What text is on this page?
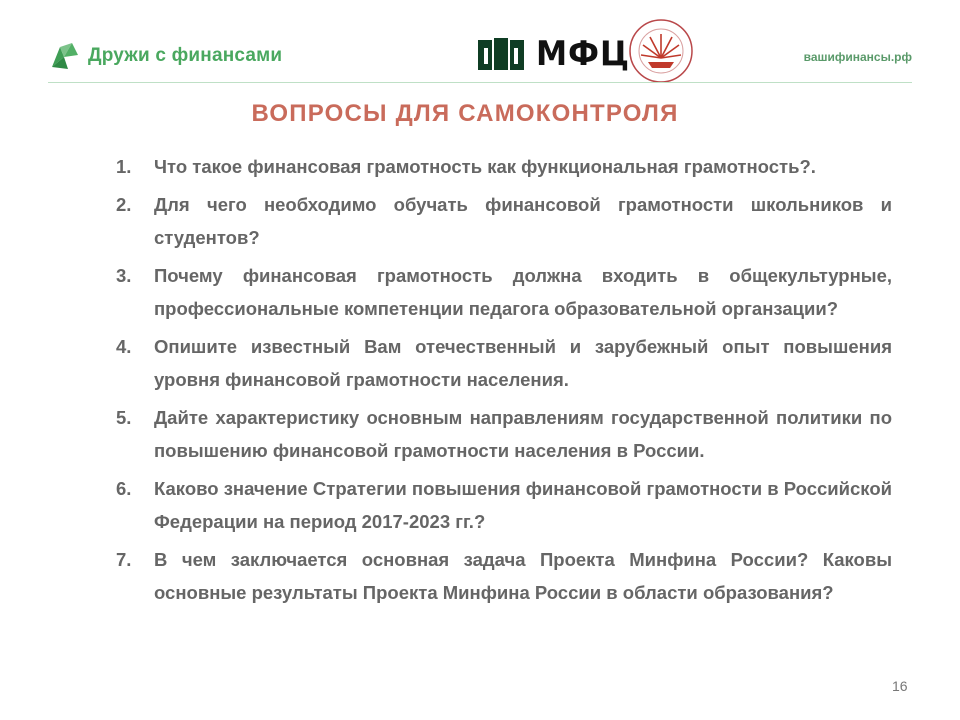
Дружи с финансами	МФЦ	вашифинансы.рф
ВОПРОСЫ ДЛЯ САМОКОНТРОЛЯ
1.	Что такое финансовая грамотность как функциональная грамотность?.
2.	Для чего необходимо обучать финансовой грамотности школьников и студентов?
3.	Почему финансовая грамотность должна входить в общекультурные, профессиональные компетенции педагога образовательной органзации?
4.	Опишите известный Вам отечественный и зарубежный опыт повышения уровня финансовой грамотности населения.
5.	Дайте характеристику основным направлениям государственной политики по повышению финансовой грамотности населения в России.
6.	Каково значение Стратегии повышения финансовой грамотности в Российской Федерации на период 2017-2023 гг.?
7.	В чем заключается основная задача Проекта Минфина России? Каковы основные результаты Проекта Минфина России в области образования?
16
